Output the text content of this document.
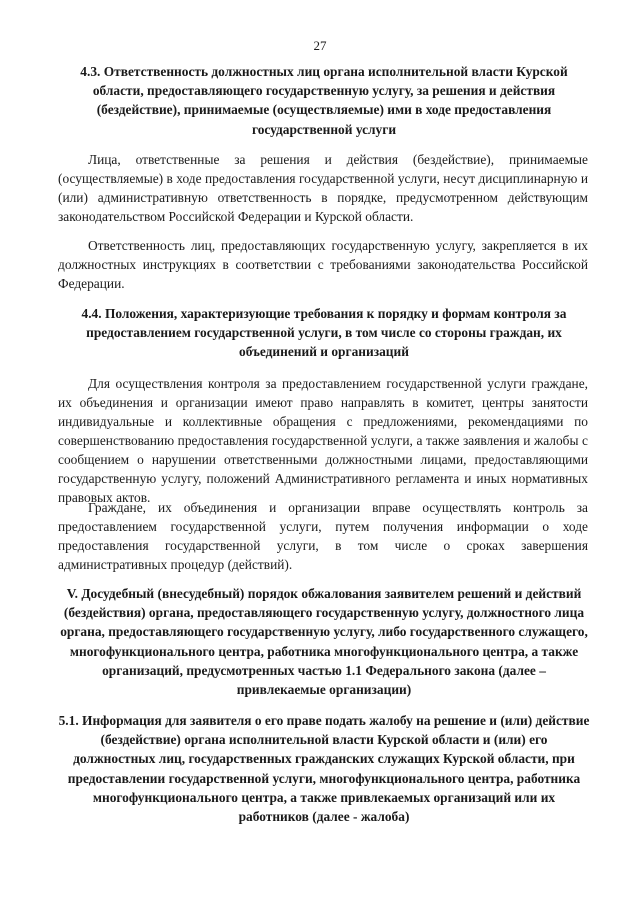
27

4.3. Ответственность должностных лиц органа исполнительной власти Курской области, предоставляющего государственную услугу, за решения и действия (бездействие), принимаемые (осуществляемые) ими в ходе предоставления государственной услуги

Лица, ответственные за решения и действия (бездействие), принимаемые (осуществляемые) в ходе предоставления государственной услуги, несут дисциплинарную и (или) административную ответственность в порядке, предусмотренном действующим законодательством Российской Федерации и Курской области.

Ответственность лиц, предоставляющих государственную услугу, закрепляется в их должностных инструкциях в соответствии с требованиями законодательства Российской Федерации.

4.4. Положения, характеризующие требования к порядку и формам контроля за предоставлением государственной услуги, в том числе со стороны граждан, их объединений и организаций

Для осуществления контроля за предоставлением государственной услуги граждане, их объединения и организации имеют право направлять в комитет, центры занятости индивидуальные и коллективные обращения с предложениями, рекомендациями по совершенствованию предоставления государственной услуги, а также заявления и жалобы с сообщением о нарушении ответственными должностными лицами, предоставляющими государственную услугу, положений Административного регламента и иных нормативных правовых актов.

Граждане, их объединения и организации вправе осуществлять контроль за предоставлением государственной услуги, путем получения информации о ходе предоставления государственной услуги, в том числе о сроках завершения административных процедур (действий).

V. Досудебный (внесудебный) порядок обжалования заявителем решений и действий (бездействия) органа, предоставляющего государственную услугу, должностного лица органа, предоставляющего государственную услугу, либо государственного служащего, многофункционального центра, работника многофункционального центра, а также организаций, предусмотренных частью 1.1 Федерального закона (далее – привлекаемые организации)

5.1. Информация для заявителя о его праве подать жалобу на решение и (или) действие (бездействие) органа исполнительной власти Курской области и (или) его должностных лиц, государственных гражданских служащих Курской области, при предоставлении государственной услуги, многофункционального центра, работника многофункционального центра, а также привлекаемых организаций или их работников (далее - жалоба)
